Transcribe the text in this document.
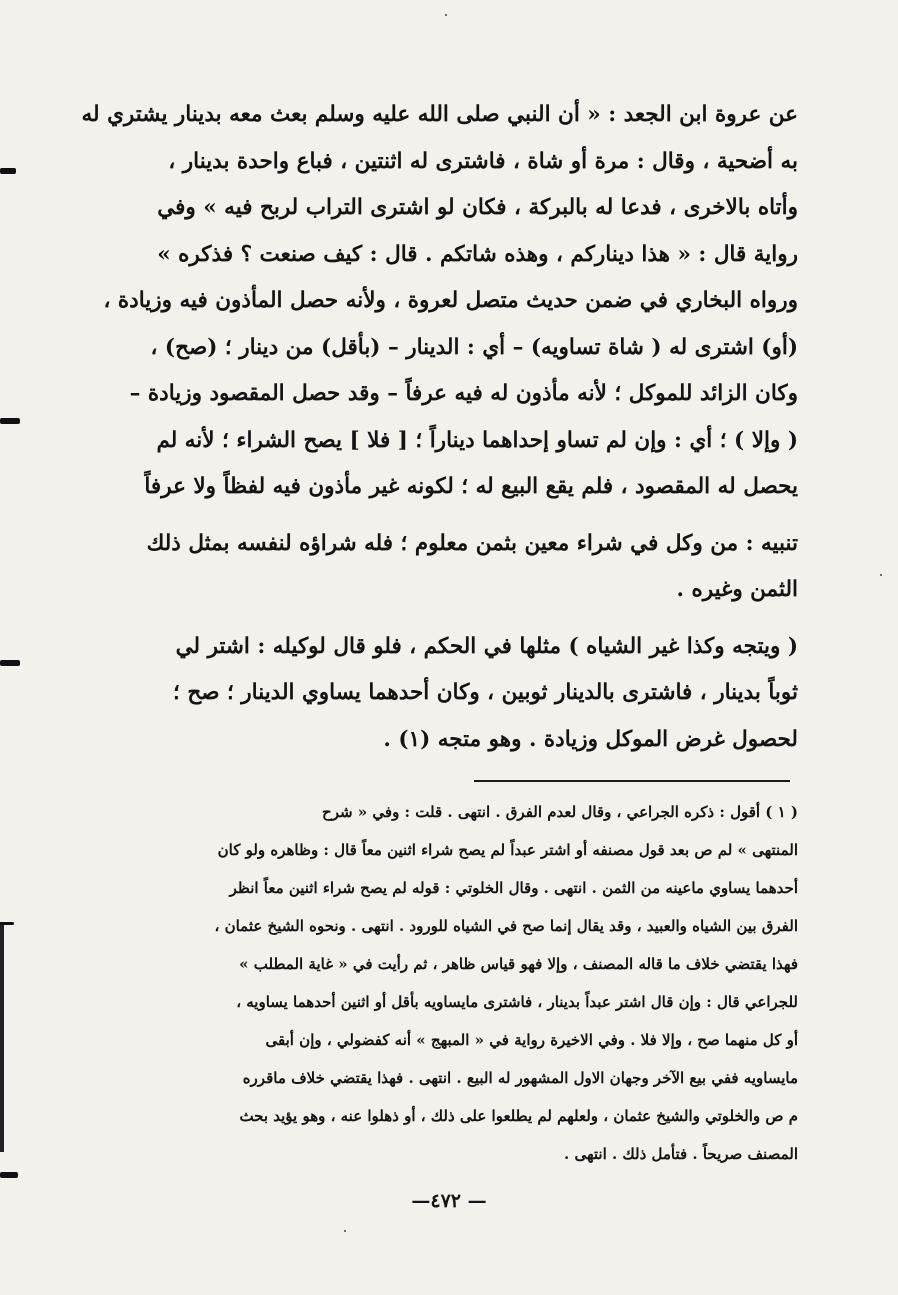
عن عروة ابن الجعد : « أن النبي صلى الله عليه وسلم بعث معه بدينار يشتري له
به أضحية ، وقال : مرة أو شاة ، فاشترى له اثنتين ، فباع واحدة بدينار ،
وأتاه بالاخرى ، فدعا له بالبركة ، فكان لو اشترى التراب لربح فيه » وفي
رواية قال : « هذا ديناركم ، وهذه شاتكم . قال : كيف صنعت ؟ فذكره »
ورواه البخاري في ضمن حديث متصل لعروة ، ولأنه حصل المأذون فيه وزيادة ،
(أو) اشترى له ( شاة تساويه) – أي : الدينار – (بأقل) من دينار ؛ (صح) ،
وكان الزائد للموكل ؛ لأنه مأذون له فيه عرفاً – وقد حصل المقصود وزيادة –
( وإلا ) ؛ أي : وإن لم تساو إحداهما ديناراً ؛ [ فلا ] يصح الشراء ؛ لأنه لم
يحصل له المقصود ، فلم يقع البيع له ؛ لكونه غير مأذون فيه لفظاً ولا عرفاً
تنبيه : من وكل في شراء معين بثمن معلوم ؛ فله شراؤه لنفسه بمثل ذلك
الثمن وغيره .
( ويتجه وكذا غير الشياه ) مثلها في الحكم ، فلو قال لوكيله : اشتر لي
ثوباً بدينار ، فاشترى بالدينار ثوبين ، وكان أحدهما يساوي الدينار ؛ صح ؛
لحصول غرض الموكل وزيادة . وهو متجه (١) .
( ١ ) أقول : ذكره الجراعي ، وقال لعدم الفرق . انتهى . قلت : وفي « شرح
المنتهى » لم ص بعد قول مصنفه أو اشتر عبداً لم يصح شراء اثنين معاً قال : وظاهره ولو كان
أحدهما يساوي ماعينه من الثمن . انتهى . وقال الخلوتي : قوله لم يصح شراء اثنين معاً انظر
الفرق بين الشياه والعبيد ، وقد يقال إنما صح في الشياه للورود . انتهى . ونحوه الشيخ عثمان ،
فهذا يقتضي خلاف ما قاله المصنف ، وإلا فهو قياس ظاهر ، ثم رأيت في « غاية المطلب »
للجراعي قال : وإن قال اشتر عبداً بدينار ، فاشترى مايساويه بأقل أو اثنين أحدهما يساويه ،
أو كل منهما صح ، وإلا فلا . وفي الاخيرة رواية في « المبهج » أنه كفضولي ، وإن أبقى
مايساويه ففي بيع الآخر وجهان الاول المشهور له البيع . انتهى . فهذا يقتضي خلاف ماقرره
م ص والخلوتي والشيخ عثمان ، ولعلهم لم يطلعوا على ذلك ، أو ذهلوا عنه ، وهو يؤيد بحث
المصنف صريحاً . فتأمل ذلك . انتهى .
— ٤٧٢—
